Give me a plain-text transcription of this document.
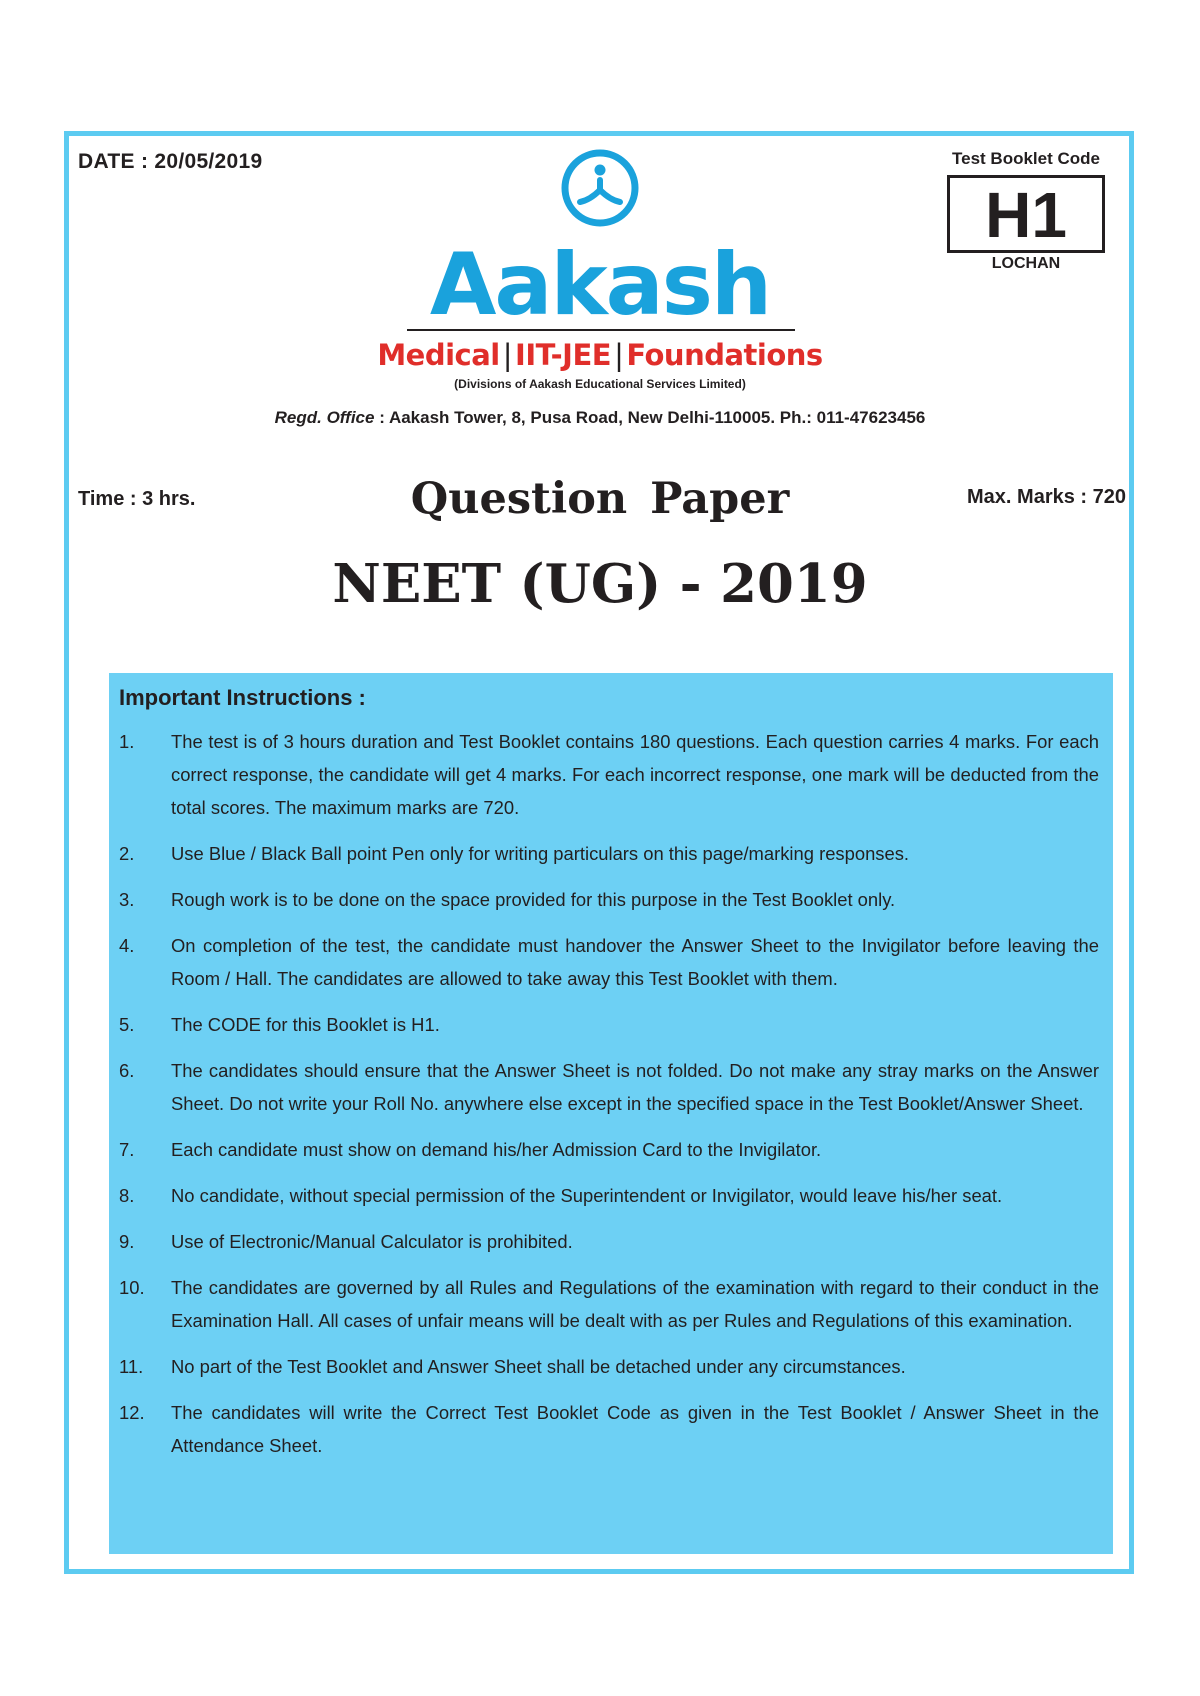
DATE : 20/05/2019	Test Booklet Code
H1
LOCHAN
Aakash
Medical | IIT-JEE | Foundations
(Divisions of Aakash Educational Services Limited)
Regd. Office : Aakash Tower, 8, Pusa Road, New Delhi-110005. Ph.: 011-47623456
Time : 3 hrs.	Max. Marks : 720
Question Paper
NEET (UG) - 2019
Important Instructions :
1.	The test is of 3 hours duration and Test Booklet contains 180 questions. Each question carries 4 marks. For each correct response, the candidate will get 4 marks. For each incorrect response, one mark will be deducted from the total scores. The maximum marks are 720.
2.	Use Blue / Black Ball point Pen only for writing particulars on this page/marking responses.
3.	Rough work is to be done on the space provided for this purpose in the Test Booklet only.
4.	On completion of the test, the candidate must handover the Answer Sheet to the Invigilator before leaving the Room / Hall. The candidates are allowed to take away this Test Booklet with them.
5.	The CODE for this Booklet is H1.
6.	The candidates should ensure that the Answer Sheet is not folded. Do not make any stray marks on the Answer Sheet. Do not write your Roll No. anywhere else except in the specified space in the Test Booklet/Answer Sheet.
7.	Each candidate must show on demand his/her Admission Card to the Invigilator.
8.	No candidate, without special permission of the Superintendent or Invigilator, would leave his/her seat.
9.	Use of Electronic/Manual Calculator is prohibited.
10.	The candidates are governed by all Rules and Regulations of the examination with regard to their conduct in the Examination Hall. All cases of unfair means will be dealt with as per Rules and Regulations of this examination.
11.	No part of the Test Booklet and Answer Sheet shall be detached under any circumstances.
12.	The candidates will write the Correct Test Booklet Code as given in the Test Booklet / Answer Sheet in the Attendance Sheet.
